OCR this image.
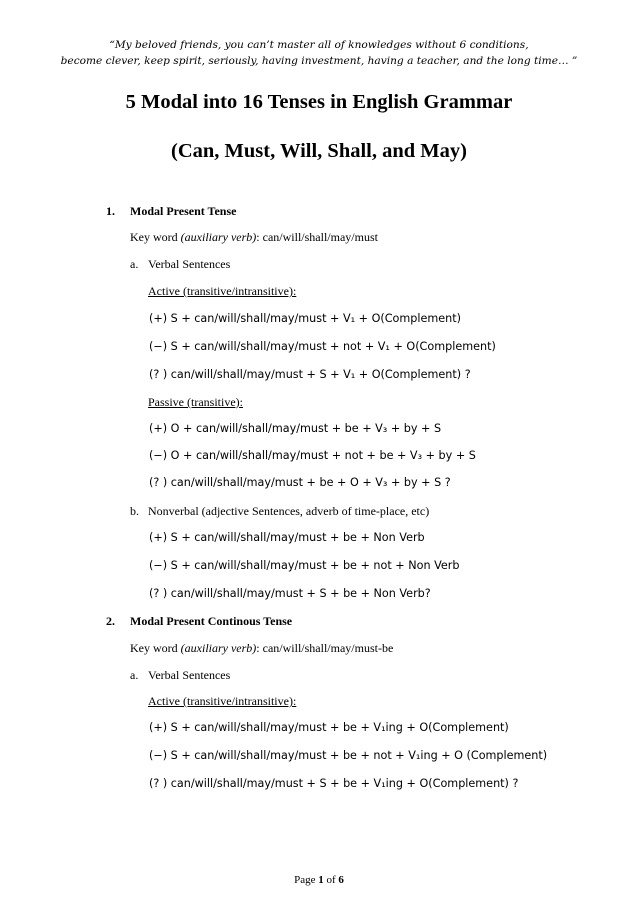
“My beloved friends, you can’t master all of knowledges without 6 conditions,
become clever, keep spirit, seriously, having investment, having a teacher, and the long time… ”
5 Modal into 16 Tenses in English Grammar
(Can, Must, Will, Shall, and May)
1. Modal Present Tense
Key word (auxiliary verb): can/will/shall/may/must
a. Verbal Sentences
Active (transitive/intransitive):
(+) S + can/will/shall/may/must + V₁ + O(Complement)
(−) S + can/will/shall/may/must + not + V₁ + O(Complement)
(? ) can/will/shall/may/must + S + V₁ + O(Complement) ?
Passive (transitive):
(+) O + can/will/shall/may/must + be + V₃ + by + S
(−) O + can/will/shall/may/must + not + be + V₃ + by + S
(? ) can/will/shall/may/must + be + O + V₃ + by + S ?
b. Nonverbal (adjective Sentences, adverb of time-place, etc)
(+) S + can/will/shall/may/must + be + Non Verb
(−) S + can/will/shall/may/must + be + not + Non Verb
(? ) can/will/shall/may/must + S + be + Non Verb?
2. Modal Present Continous Tense
Key word (auxiliary verb): can/will/shall/may/must-be
a. Verbal Sentences
Active (transitive/intransitive):
(+) S + can/will/shall/may/must + be + V₁ing + O(Complement)
(−) S + can/will/shall/may/must + be + not + V₁ing + O (Complement)
(? ) can/will/shall/may/must + S + be + V₁ing + O(Complement) ?
Page 1 of 6
